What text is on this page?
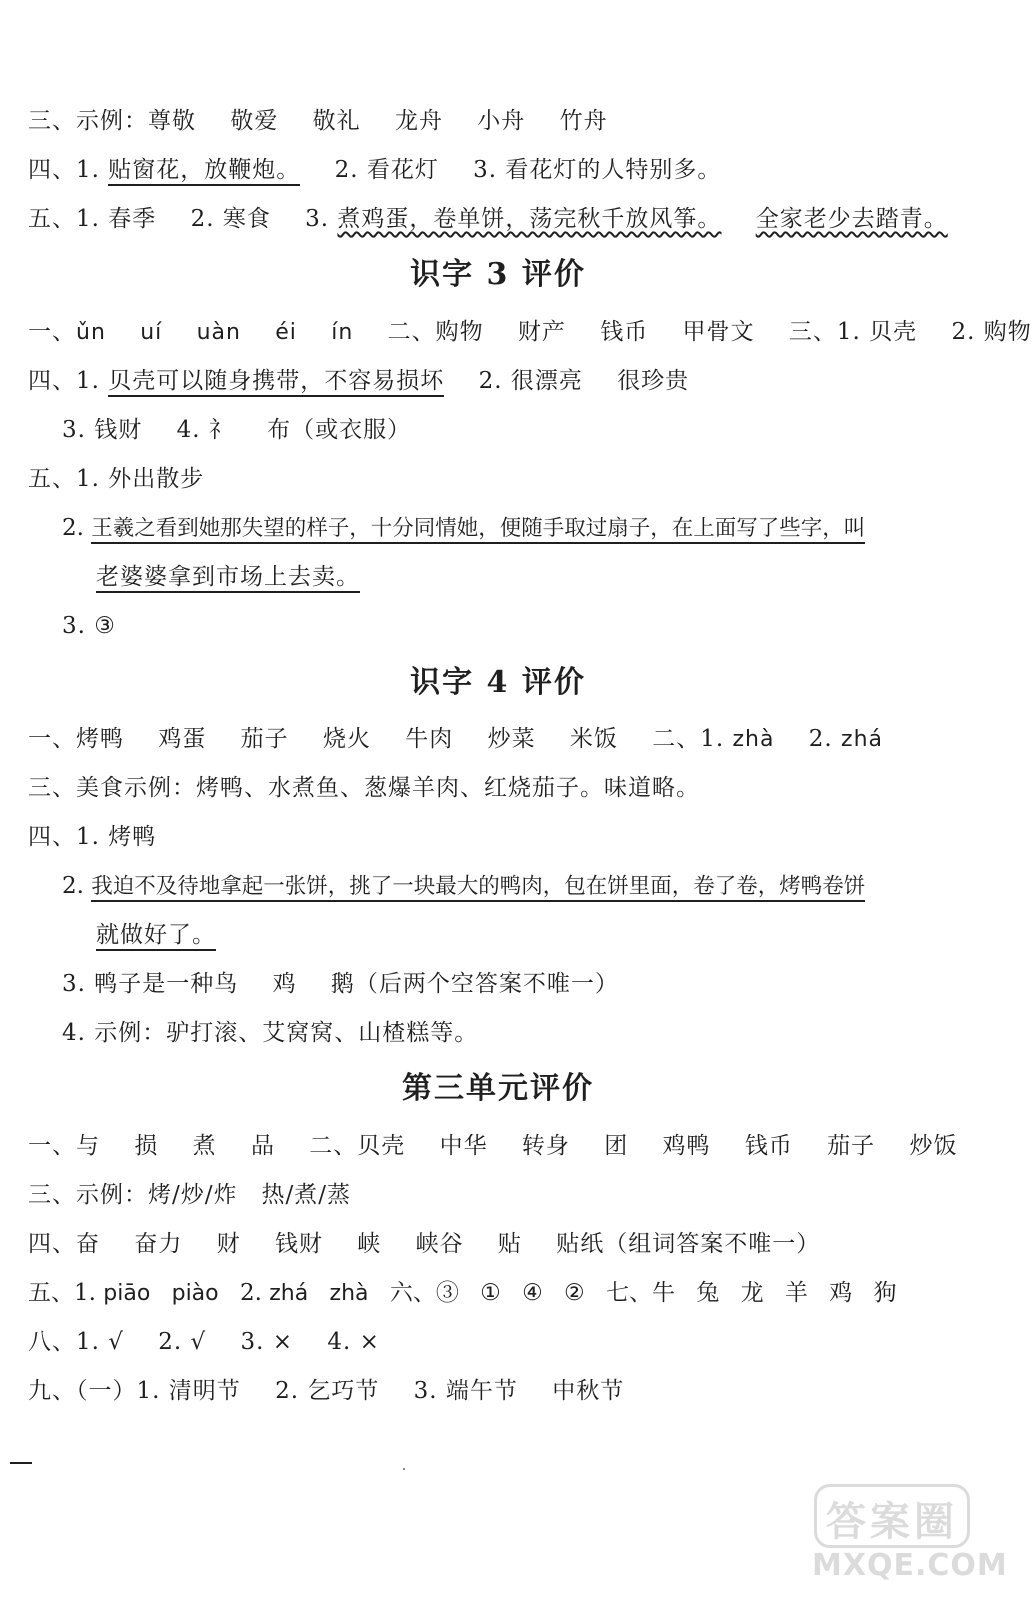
三、示例：尊敬 敬爱 敬礼 龙舟 小舟 竹舟
四、1. 贴窗花，放鞭炮。 2. 看花灯 3. 看花灯的人特别多。
五、1. 春季 2. 寒食 3. 煮鸡蛋，卷单饼，荡完秋千放风筝。 全家老少去踏青。
识字 3 评价
一、ǔn uí uàn éi ín 二、购物 财产 钱币 甲骨文 三、1. 贝壳 2. 购物
四、1. 贝壳可以随身携带，不容易损坏 2. 很漂亮 很珍贵
3. 钱财 4. 礻 布（或衣服）
五、1. 外出散步
2. 王羲之看到她那失望的样子，十分同情她，便随手取过扇子，在上面写了些字，叫
老婆婆拿到市场上去卖。
3. ③
识字 4 评价
一、烤鸭 鸡蛋 茄子 烧火 牛肉 炒菜 米饭 二、1. zhà 2. zhá
三、美食示例：烤鸭、水煮鱼、葱爆羊肉、红烧茄子。味道略。
四、1. 烤鸭
2. 我迫不及待地拿起一张饼，挑了一块最大的鸭肉，包在饼里面，卷了卷，烤鸭卷饼
就做好了。
3. 鸭子是一种鸟 鸡 鹅（后两个空答案不唯一）
4. 示例：驴打滚、艾窝窝、山楂糕等。
第三单元评价
一、与 损 煮 品 二、贝壳 中华 转身 团 鸡鸭 钱币 茄子 炒饭
三、示例：烤/炒/炸　热/煮/蒸
四、奋 奋力 财 钱财 峡 峡谷 贴 贴纸（组词答案不唯一）
五、1. piāo piào 2. zhá zhà 六、③ ① ④ ② 七、牛 兔 龙 羊 鸡 狗
八、1. √ 2. √ 3. × 4. ×
九、（一）1. 清明节 2. 乞巧节 3. 端午节 中秋节
答案圈
MXQE.COM
